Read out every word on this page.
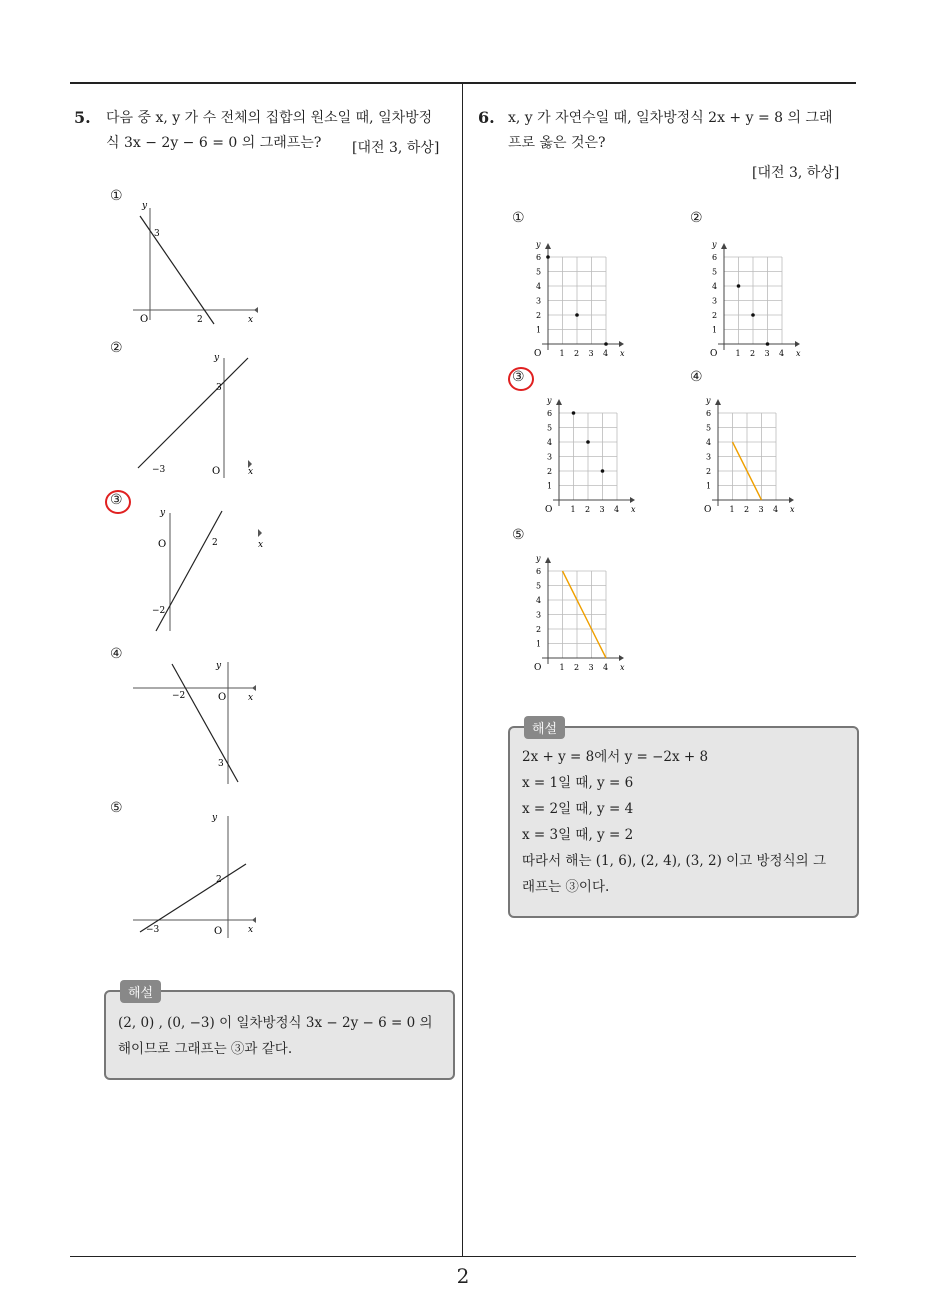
2
5. 다음 중 x, y 가 수 전체의 집합의 원소일 때, 일차방정
식 3x − 2y − 6 = 0 의 그래프는?	[대전 3, 하상]
①
②
③
④
⑤
y
O
3
2	x
y
3
−3	O	x
y
O	2
−2
x
y
−2	O
3
x
y
2
−3	O	x
(2, 0) , (0, −3) 이 일차방정식 3x − 2y − 6 = 0 의
해이므로 그래프는 ③과 같다.
해설
6. x, y 가 자연수일 때, 일차방정식 2x + y = 8 의 그래
프로 옳은 것은?
[대전 3, 하상]
①	②
③	④
⑤
1
2
3
4
5
6
1 2 3 4
O
y
x
1
2
3
4
5
6
1 2 3 4
O
y
x
1
2
3
4
5
6
1 2 3 4
O
y
x
1
2
3
4
5
6
1 2 3 4
O
y
x
1
2
3
4
5
6
1 2 3 4
O
y
x
2x + y = 8에서 y = −2x + 8
x = 1일 때, y = 6
x = 2일 때, y = 4
x = 3일 때, y = 2
따라서 해는 (1, 6), (2, 4), (3, 2) 이고 방정식의 그
래프는 ③이다.
해설
